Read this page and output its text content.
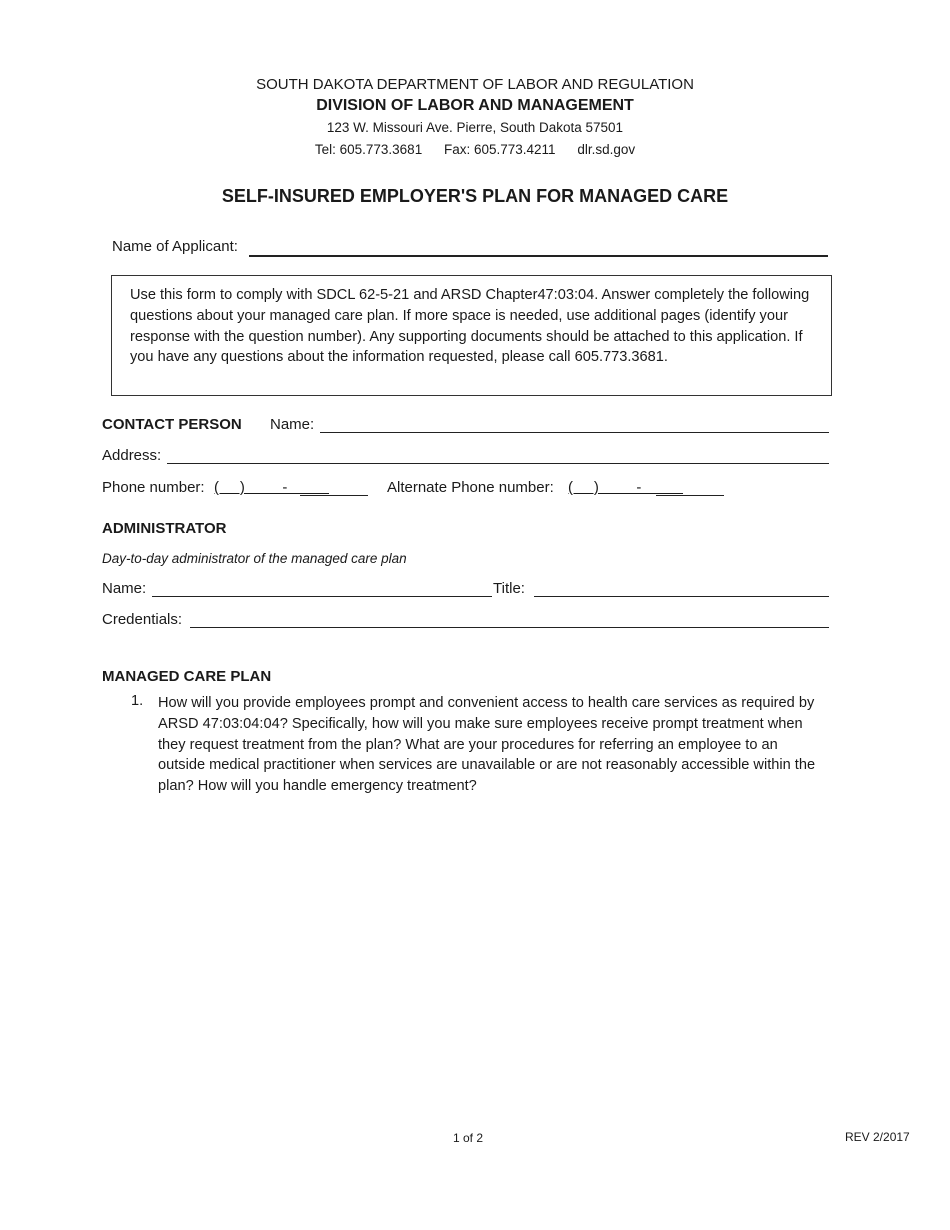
SOUTH DAKOTA DEPARTMENT OF LABOR AND REGULATION
DIVISION OF LABOR AND MANAGEMENT
123 W. Missouri Ave. Pierre, South Dakota 57501
Tel: 605.773.3681 Fax: 605.773.4211 dlr.sd.gov
SELF-INSURED EMPLOYER'S PLAN FOR MANAGED CARE
Name of Applicant:
Use this form to comply with SDCL 62-5-21 and ARSD Chapter47:03:04. Answer completely the following questions about your managed care plan. If more space is needed, use additional pages (identify your response with the question number). Any supporting documents should be attached to this application. If you have any questions about the information requested, please call 605.773.3681.
CONTACT PERSON Name:
Address:
Phone number: (     )         -	Alternate Phone number: (     )         -
ADMINISTRATOR
Day-to-day administrator of the managed care plan
Name:	Title:
Credentials:
MANAGED CARE PLAN
1. How will you provide employees prompt and convenient access to health care services as required by ARSD 47:03:04:04? Specifically, how will you make sure employees receive prompt treatment when they request treatment from the plan? What are your procedures for referring an employee to an outside medical practitioner when services are unavailable or are not reasonably accessible within the plan? How will you handle emergency treatment?
1 of 2	REV 2/2017
